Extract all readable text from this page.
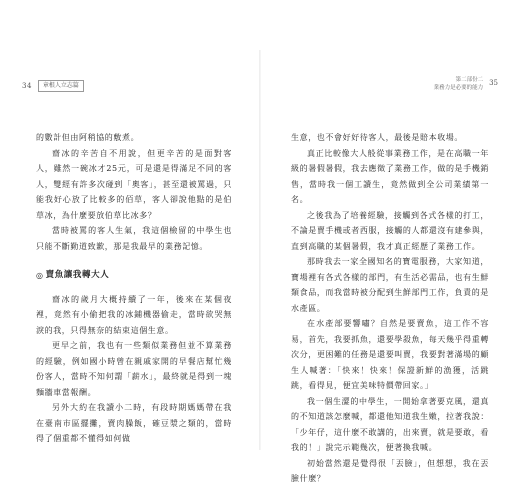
34	章根人立志篇
第二部份二
業務力是必要的能力
35

的數計但由阿稍協的敷煮。

齋冰的辛苦自不用說，但更辛苦的是面對客人，雖然一碗冰才25元，可是還是得滿足不同的客人，雙經有許多次碰到「奧客」，甚至還被罵過，只能我好心放了比較多的佰草，客人卻說他點的是伯草冰，為什麼要放伯草比冰多？

當時被罵的客人生氣，我這個檢留的中學生也只能不斷勤道致歉，那是我最早的業務記憶。

◎ 賣魚讓我轉大人

齋冰的歲月大概持續了一年，後來在某個夜裡，竟然有小偷把我的冰鋪機器偷走，當時欲哭無淚的我，只得無奈的結束這個生意。

更早之前，我也有一些類似業務但並不算業務的經驗，例如國小時曾在親戚家開的早餐店幫忙幾份客人，當時不知何謂「薪水」，最終就是得到一塊麵牆車當報酬。

另外大約在我讀小二時，有段時期媽媽帶在我在臺南市區擺攤，賣肉臊飯，確豆漿之類的，當時得了個重都不懂得如何做

生意，也不會好好待客人，最後是賠本收場。

真正比較像大人般從事業務工作，是在高職一年級的暑假暑假，我去應徵了業務工作，做的是手機銷售，當時我一個工讀生，竟然做到全公司業績第一名。

之後我為了培養經驗，接觸到各式各樣的打工，不論是賣手機或者西服，接觸的人都還沒有建參與，直到高職的某個暑假，我才真正經歷了業務工作。

那時我去一家全國知名的寶電服務，大家知道，寶場裡有各式各樣的部門，有生活必需品，也有生鮮類食品，而我當時被分配到生鮮部門工作，負責的是水產區。

在水產部要響嘯？自然是要賣魚，這工作不容易，首先，我要抓魚，還要學殺魚，每天幾乎得重轉次分，更困難的任務是還要叫賣，我要對著滿場的顧生人喊著：「快來！快來！保證新鮮的漁獲，活跳跳，看得見，便宜美味特價帶回家。」

我一個生澀的中學生，一開始拿著要克風，還真的不知道該怎麼喊，都還他知道我生嫩，拉著我說：「少年仔，這什麼不敢講的，出來賣，就是要敢，看我的！」說完示範幾次，便著換我喊。

初始當然還是覺得很「丟臉」，但想想，我在丟臉什麼？
